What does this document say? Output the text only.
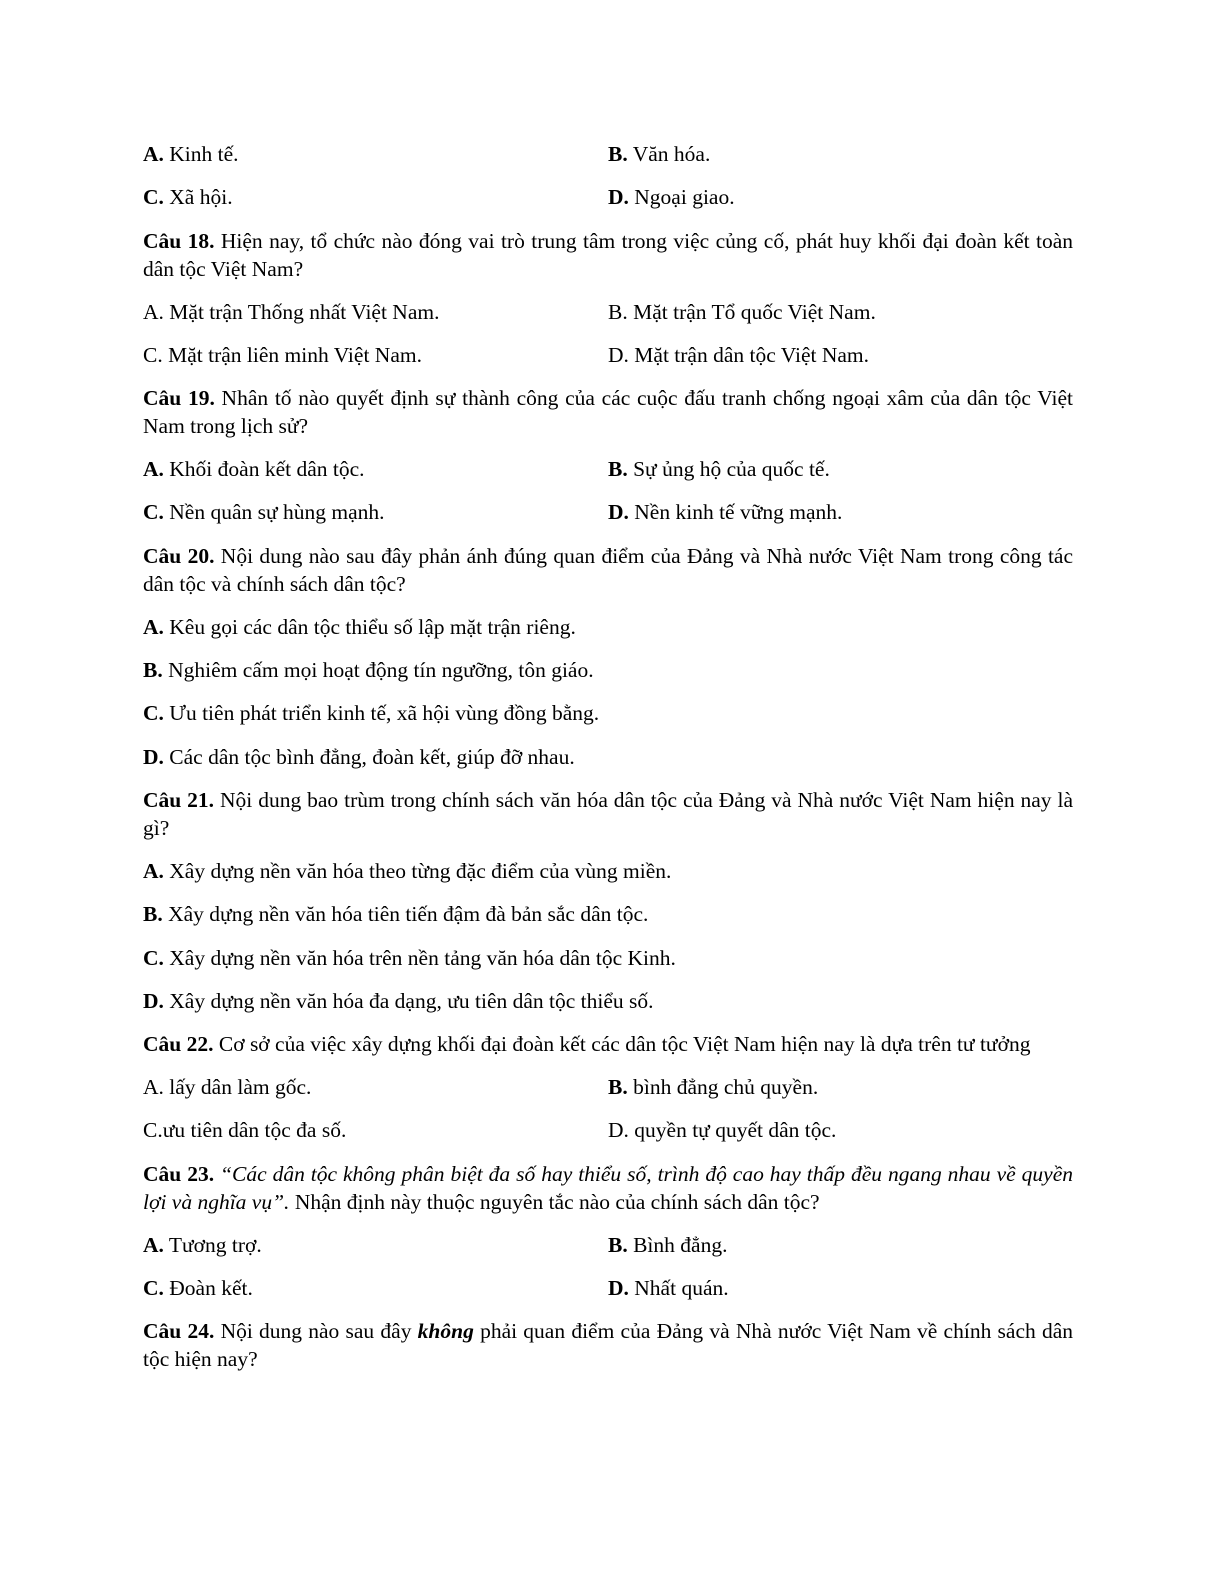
A. Kinh tế.	B. Văn hóa.
C. Xã hội.	D. Ngoại giao.
Câu 18. Hiện nay, tổ chức nào đóng vai trò trung tâm trong việc củng cố, phát huy khối đại đoàn kết toàn dân tộc Việt Nam?
A. Mặt trận Thống nhất Việt Nam.	B. Mặt trận Tổ quốc Việt Nam.
C. Mặt trận liên minh Việt Nam.	D. Mặt trận dân tộc Việt Nam.
Câu 19. Nhân tố nào quyết định sự thành công của các cuộc đấu tranh chống ngoại xâm của dân tộc Việt Nam trong lịch sử?
A. Khối đoàn kết dân tộc.	B. Sự ủng hộ của quốc tế.
C. Nền quân sự hùng mạnh.	D. Nền kinh tế vững mạnh.
Câu 20. Nội dung nào sau đây phản ánh đúng quan điểm của Đảng và Nhà nước Việt Nam trong công tác dân tộc và chính sách dân tộc?
A. Kêu gọi các dân tộc thiểu số lập mặt trận riêng.
B. Nghiêm cấm mọi hoạt động tín ngưỡng, tôn giáo.
C. Ưu tiên phát triển kinh tế, xã hội vùng đồng bằng.
D. Các dân tộc bình đẳng, đoàn kết, giúp đỡ nhau.
Câu 21. Nội dung bao trùm trong chính sách văn hóa dân tộc của Đảng và Nhà nước Việt Nam hiện nay là gì?
A. Xây dựng nền văn hóa theo từng đặc điểm của vùng miền.
B. Xây dựng nền văn hóa tiên tiến đậm đà bản sắc dân tộc.
C. Xây dựng nền văn hóa trên nền tảng văn hóa dân tộc Kinh.
D. Xây dựng nền văn hóa đa dạng, ưu tiên dân tộc thiểu số.
Câu 22. Cơ sở của việc xây dựng khối đại đoàn kết các dân tộc Việt Nam hiện nay là dựa trên tư tưởng
A. lấy dân làm gốc.	B. bình đẳng chủ quyền.
C.ưu tiên dân tộc đa số.	D. quyền tự quyết dân tộc.
Câu 23. “Các dân tộc không phân biệt đa số hay thiểu số, trình độ cao hay thấp đều ngang nhau về quyền lợi và nghĩa vụ”. Nhận định này thuộc nguyên tắc nào của chính sách dân tộc?
A. Tương trợ.	B. Bình đẳng.
C. Đoàn kết.	D. Nhất quán.
Câu 24. Nội dung nào sau đây không phải quan điểm của Đảng và Nhà nước Việt Nam về chính sách dân tộc hiện nay?
